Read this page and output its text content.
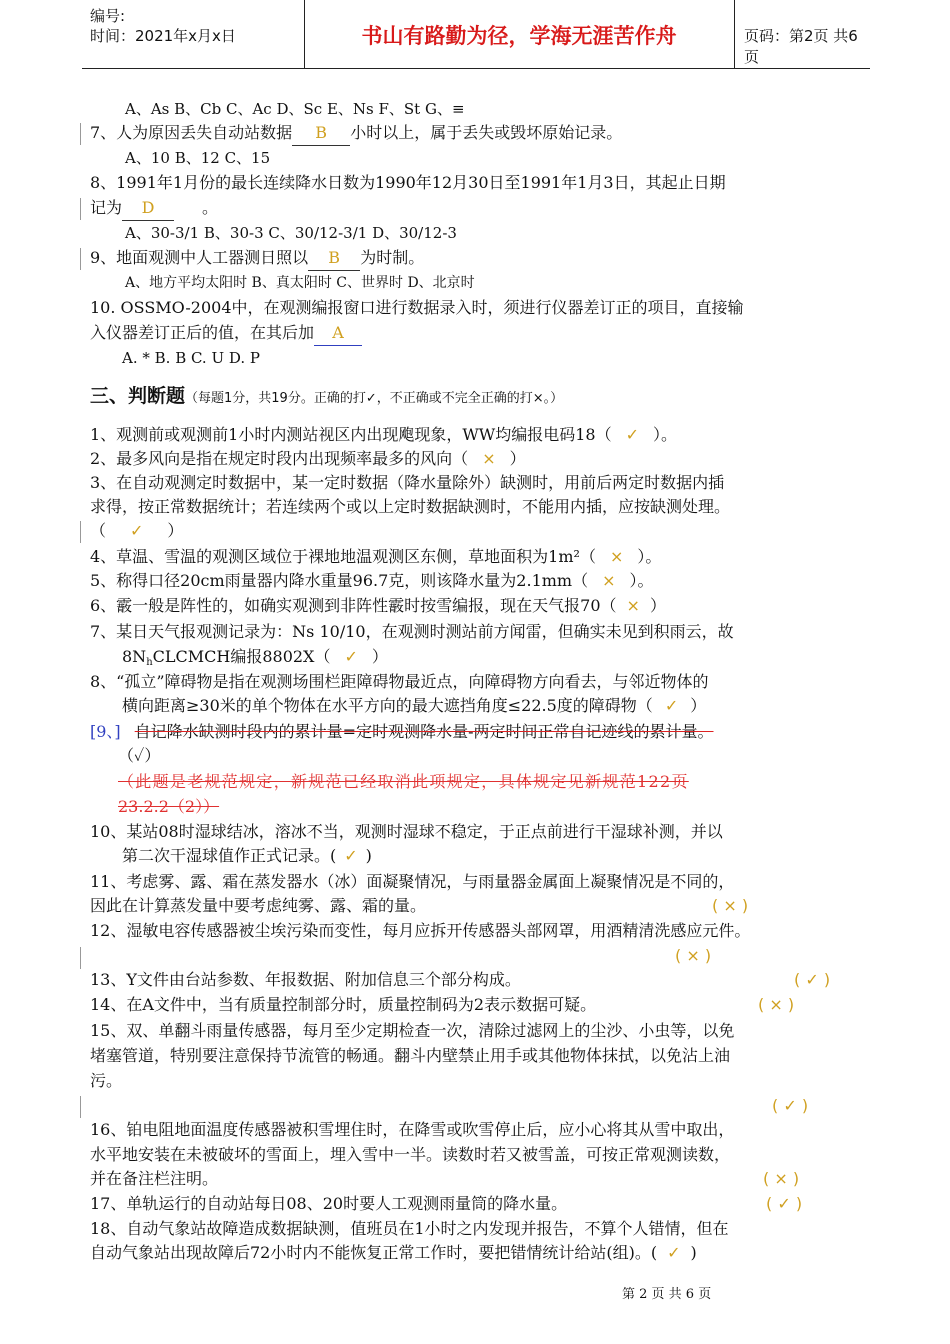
编号:
时间：2021年x月x日	书山有路勤为径，学海无涯苦作舟	页码：第2页 共6页
A、As B、Cb C、Ac D、Sc E、Ns F、St G、≡
7、人为原因丢失自动站数据 B 小时以上，属于丢失或毁坏原始记录。
A、10 B、12 C、15
8、1991年1月份的最长连续降水日数为1990年12月30日至1991年1月3日，其起止日期
记为 D	。
A、30-3/1 B、30-3 C、30/12-3/1 D、30/12-3
9、地面观测中人工器测日照以 B 为时制。
A、地方平均太阳时 B、真太阳时 C、世界时 D、北京时
10. OSSMO-2004中，在观测编报窗口进行数据录入时，须进行仪器差订正的项目，直接输
入仪器差订正后的值，在其后加 A
A. * B. B C. U D. P
三、判断题（每题1分，共19分。正确的打✓，不正确或不完全正确的打×。）
1、观测前或观测前1小时内测站视区内出现飑现象，WW均编报电码18（ ✓ ）。
2、最多风向是指在规定时段内出现频率最多的风向（ × ）
3、在自动观测定时数据中，某一定时数据（降水量除外）缺测时，用前后两定时数据内插
求得，按正常数据统计；若连续两个或以上定时数据缺测时，不能用内插，应按缺测处理。
（ ✓ ）
4、草温、雪温的观测区域位于裸地地温观测区东侧，草地面积为1m²（ × ）。
5、称得口径20cm雨量器内降水重量96.7克，则该降水量为2.1mm（ × ）。
6、霰一般是阵性的，如确实观测到非阵性霰时按雪编报，现在天气报70（ × ）
7、某日天气报观测记录为：Ns 10/10，在观测时测站前方闻雷，但确实未见到积雨云，故
$8N_hCLCMCH$编报8802X（ ✓ ）
8、“孤立”障碍物是指在观测场围栏距障碍物最近点，向障碍物方向看去，与邻近物体的
横向距离≥30米的单个物体在水平方向的最大遮挡角度≤22.5度的障碍物（ ✓ ）
[9、] 自记降水缺测时段内的累计量=定时观测降水量-两定时间正常自记迹线的累计量。
（✓）
（此题是老规范规定，新规范已经取消此项规定，具体规定见新规范122页
23.2.2（2））
10、某站08时湿球结冰，溶冰不当，观测时湿球不稳定，于正点前进行干湿球补测，并以
第二次干湿球值作正式记录。( ✓ )
11、考虑雾、露、霜在蒸发器水（冰）面凝聚情况，与雨量器金属面上凝聚情况是不同的，
因此在计算蒸发量中要考虑纯雾、露、霜的量。	( × )
12、湿敏电容传感器被尘埃污染而变性，每月应拆开传感器头部网罩，用酒精清洗感应元件。
( × )
13、Y文件由台站参数、年报数据、附加信息三个部分构成。	( ✓ )
14、在A文件中，当有质量控制部分时，质量控制码为2表示数据可疑。	( × )
15、双、单翻斗雨量传感器，每月至少定期检查一次，清除过滤网上的尘沙、小虫等，以免
堵塞管道，特别要注意保持节流管的畅通。翻斗内壁禁止用手或其他物体抹拭，以免沾上油
污。
( ✓ )
16、铂电阻地面温度传感器被积雪埋住时，在降雪或吹雪停止后，应小心将其从雪中取出，
水平地安装在未被破坏的雪面上，埋入雪中一半。读数时若又被雪盖，可按正常观测读数，
并在备注栏注明。	( × )
17、单轨运行的自动站每日08、20时要人工观测雨量筒的降水量。	( ✓ )
18、自动气象站故障造成数据缺测，值班员在1小时之内发现并报告，不算个人错情，但在
自动气象站出现故障后72小时内不能恢复正常工作时，要把错情统计给站(组)。( ✓ )
第 2 页 共 6 页
